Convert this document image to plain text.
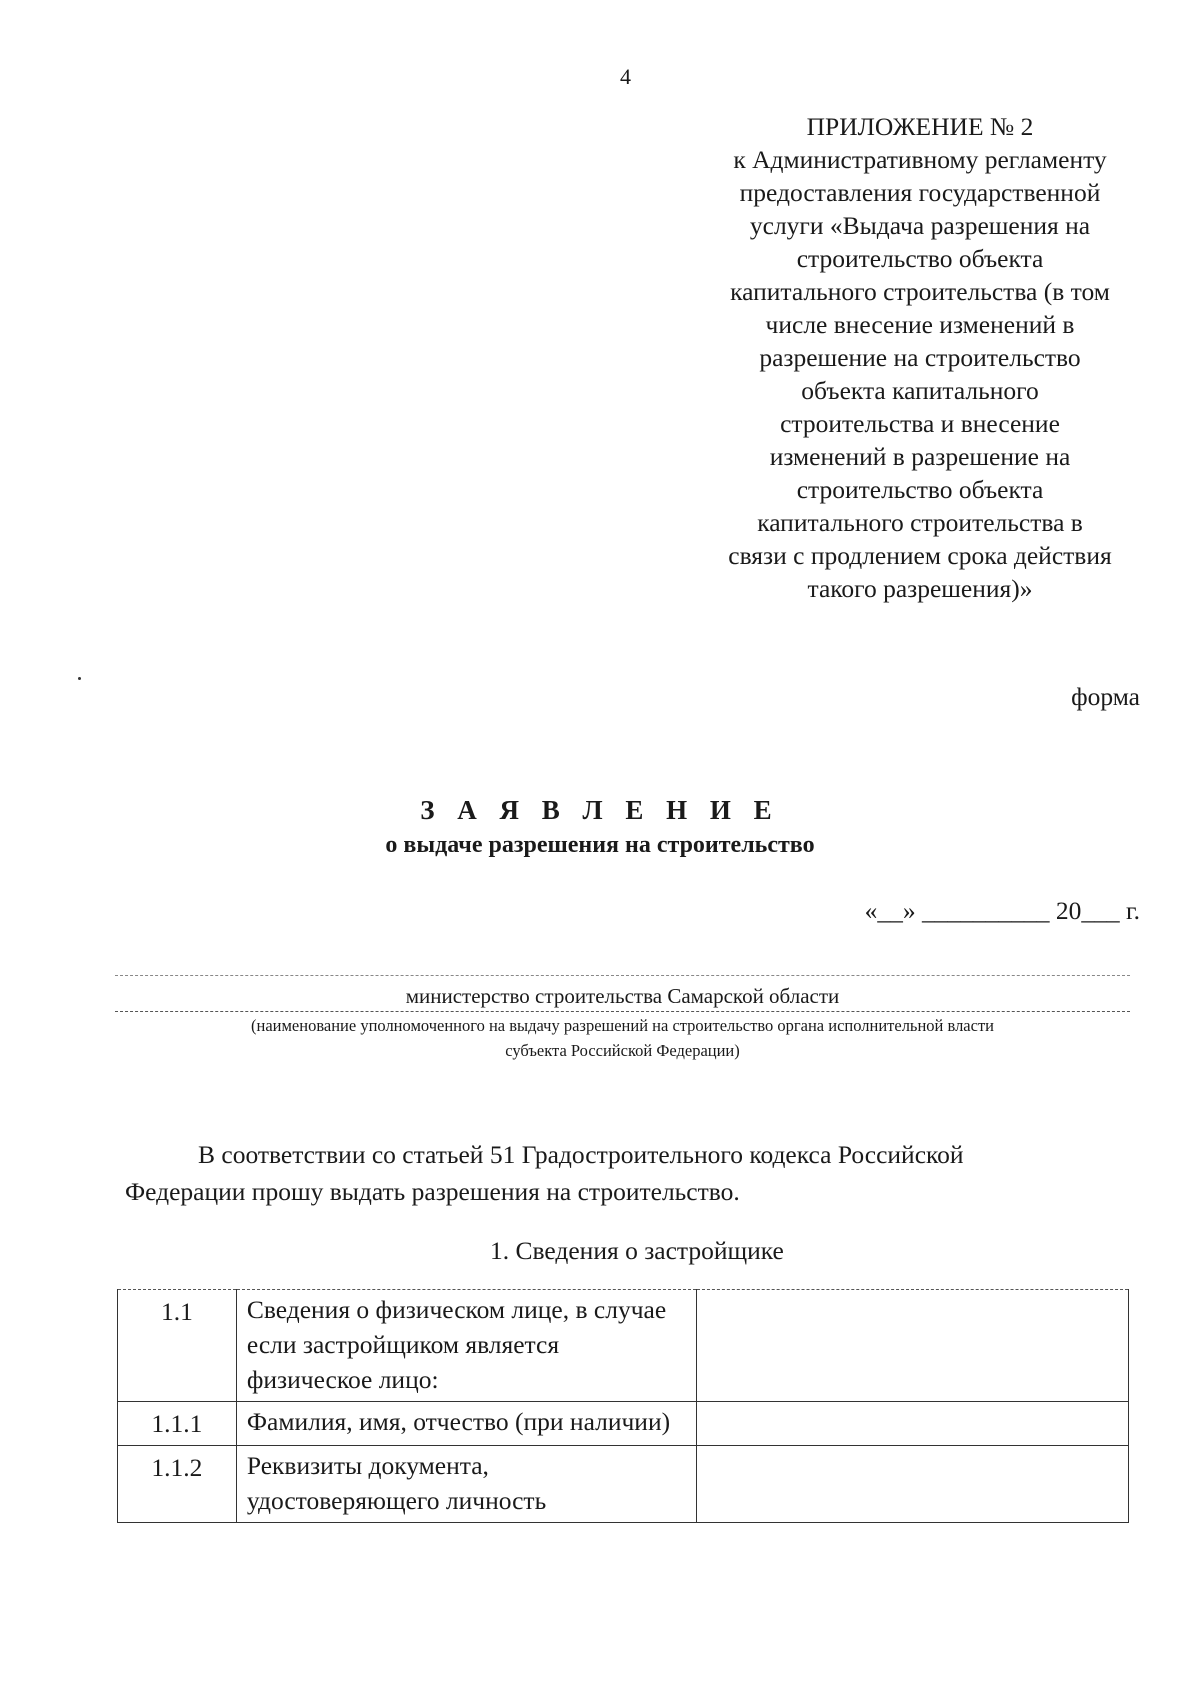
4
ПРИЛОЖЕНИЕ № 2
к Административному регламенту
предоставления государственной
услуги «Выдача разрешения на
строительство объекта
капитального строительства (в том
числе внесение изменений в
разрешение на строительство
объекта капитального
строительства и внесение
изменений в разрешение на
строительство объекта
капитального строительства в
связи с продлением срока действия
такого разрешения)»
форма
З А Я В Л Е Н И Е
о выдаче разрешения на строительство
«__» __________ 20___ г.
министерство строительства Самарской области
(наименование уполномоченного на выдачу разрешений на строительство органа исполнительной власти
субъекта Российской Федерации)
В соответствии со статьей 51 Градостроительного кодекса Российской Федерации прошу выдать разрешения на строительство.
1. Сведения о застройщике
1.1	Сведения о физическом лице, в случае если застройщиком является физическое лицо:	
1.1.1	Фамилия, имя, отчество (при наличии)	
1.1.2	Реквизиты документа, удостоверяющего личность	
